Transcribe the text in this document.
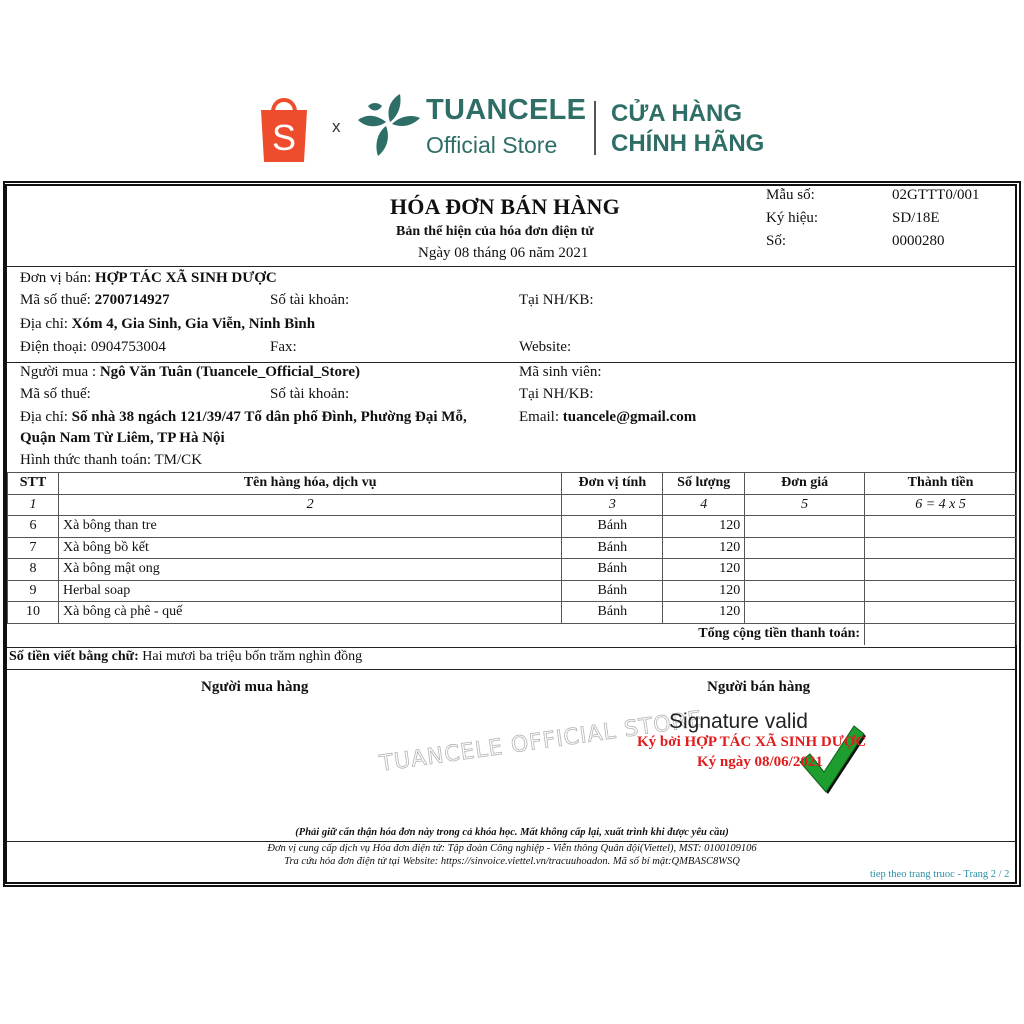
S x
TUANCELE
Official Store
CỬA HÀNG
CHÍNH HÃNG
HÓA ĐƠN BÁN HÀNG
Bản thể hiện của hóa đơn điện tử
Ngày 08 tháng 06 năm 2021
Mẫu số:	02GTTT0/001
Ký hiệu:	SD/18E
Số:	0000280
Đơn vị bán: HỢP TÁC XÃ SINH DƯỢC
Mã số thuế: 2700714927	Số tài khoản:	Tại NH/KB:
Địa chỉ: Xóm 4, Gia Sinh, Gia Viễn, Ninh Bình
Điện thoại: 0904753004	Fax:	Website:
Người mua : Ngô Văn Tuân (Tuancele_Official_Store)	Mã sinh viên:
Mã số thuế:	Số tài khoản:	Tại NH/KB:
Địa chỉ: Số nhà 38 ngách 121/39/47 Tổ dân phố Đình, Phường Đại Mỗ,	Email: tuancele@gmail.com
Quận Nam Từ Liêm, TP Hà Nội
Hình thức thanh toán: TM/CK
STT	Tên hàng hóa, dịch vụ	Đơn vị tính	Số lượng	Đơn giá	Thành tiền
1	2	3	4	5	6 = 4 x 5
6	Xà bông than tre	Bánh	120		
7	Xà bông bồ kết	Bánh	120		
8	Xà bông mật ong	Bánh	120		
9	Herbal soap	Bánh	120		
10	Xà bông cà phê - quế	Bánh	120		
Tổng cộng tiền thanh toán:					
Số tiền viết bằng chữ: Hai mươi ba triệu bốn trăm nghìn đồng
Người mua hàng	Người bán hàng
TUANCELE OFFICIAL STORE
Signature valid
Ký bởi HỢP TÁC XÃ SINH DƯỢC
Ký ngày 08/06/2021
(Phải giữ cẩn thận hóa đơn này trong cả khóa học. Mất không cấp lại, xuất trình khi được yêu cầu)
Đơn vị cung cấp dịch vụ Hóa đơn điện tử: Tập đoàn Công nghiệp - Viễn thông Quân đội(Viettel), MST: 0100109106
Tra cứu hóa đơn điện tử tại Website: https://sinvoice.viettel.vn/tracuuhoadon. Mã số bí mật:QMBASC8WSQ
tiep theo trang truoc - Trang 2 / 2
